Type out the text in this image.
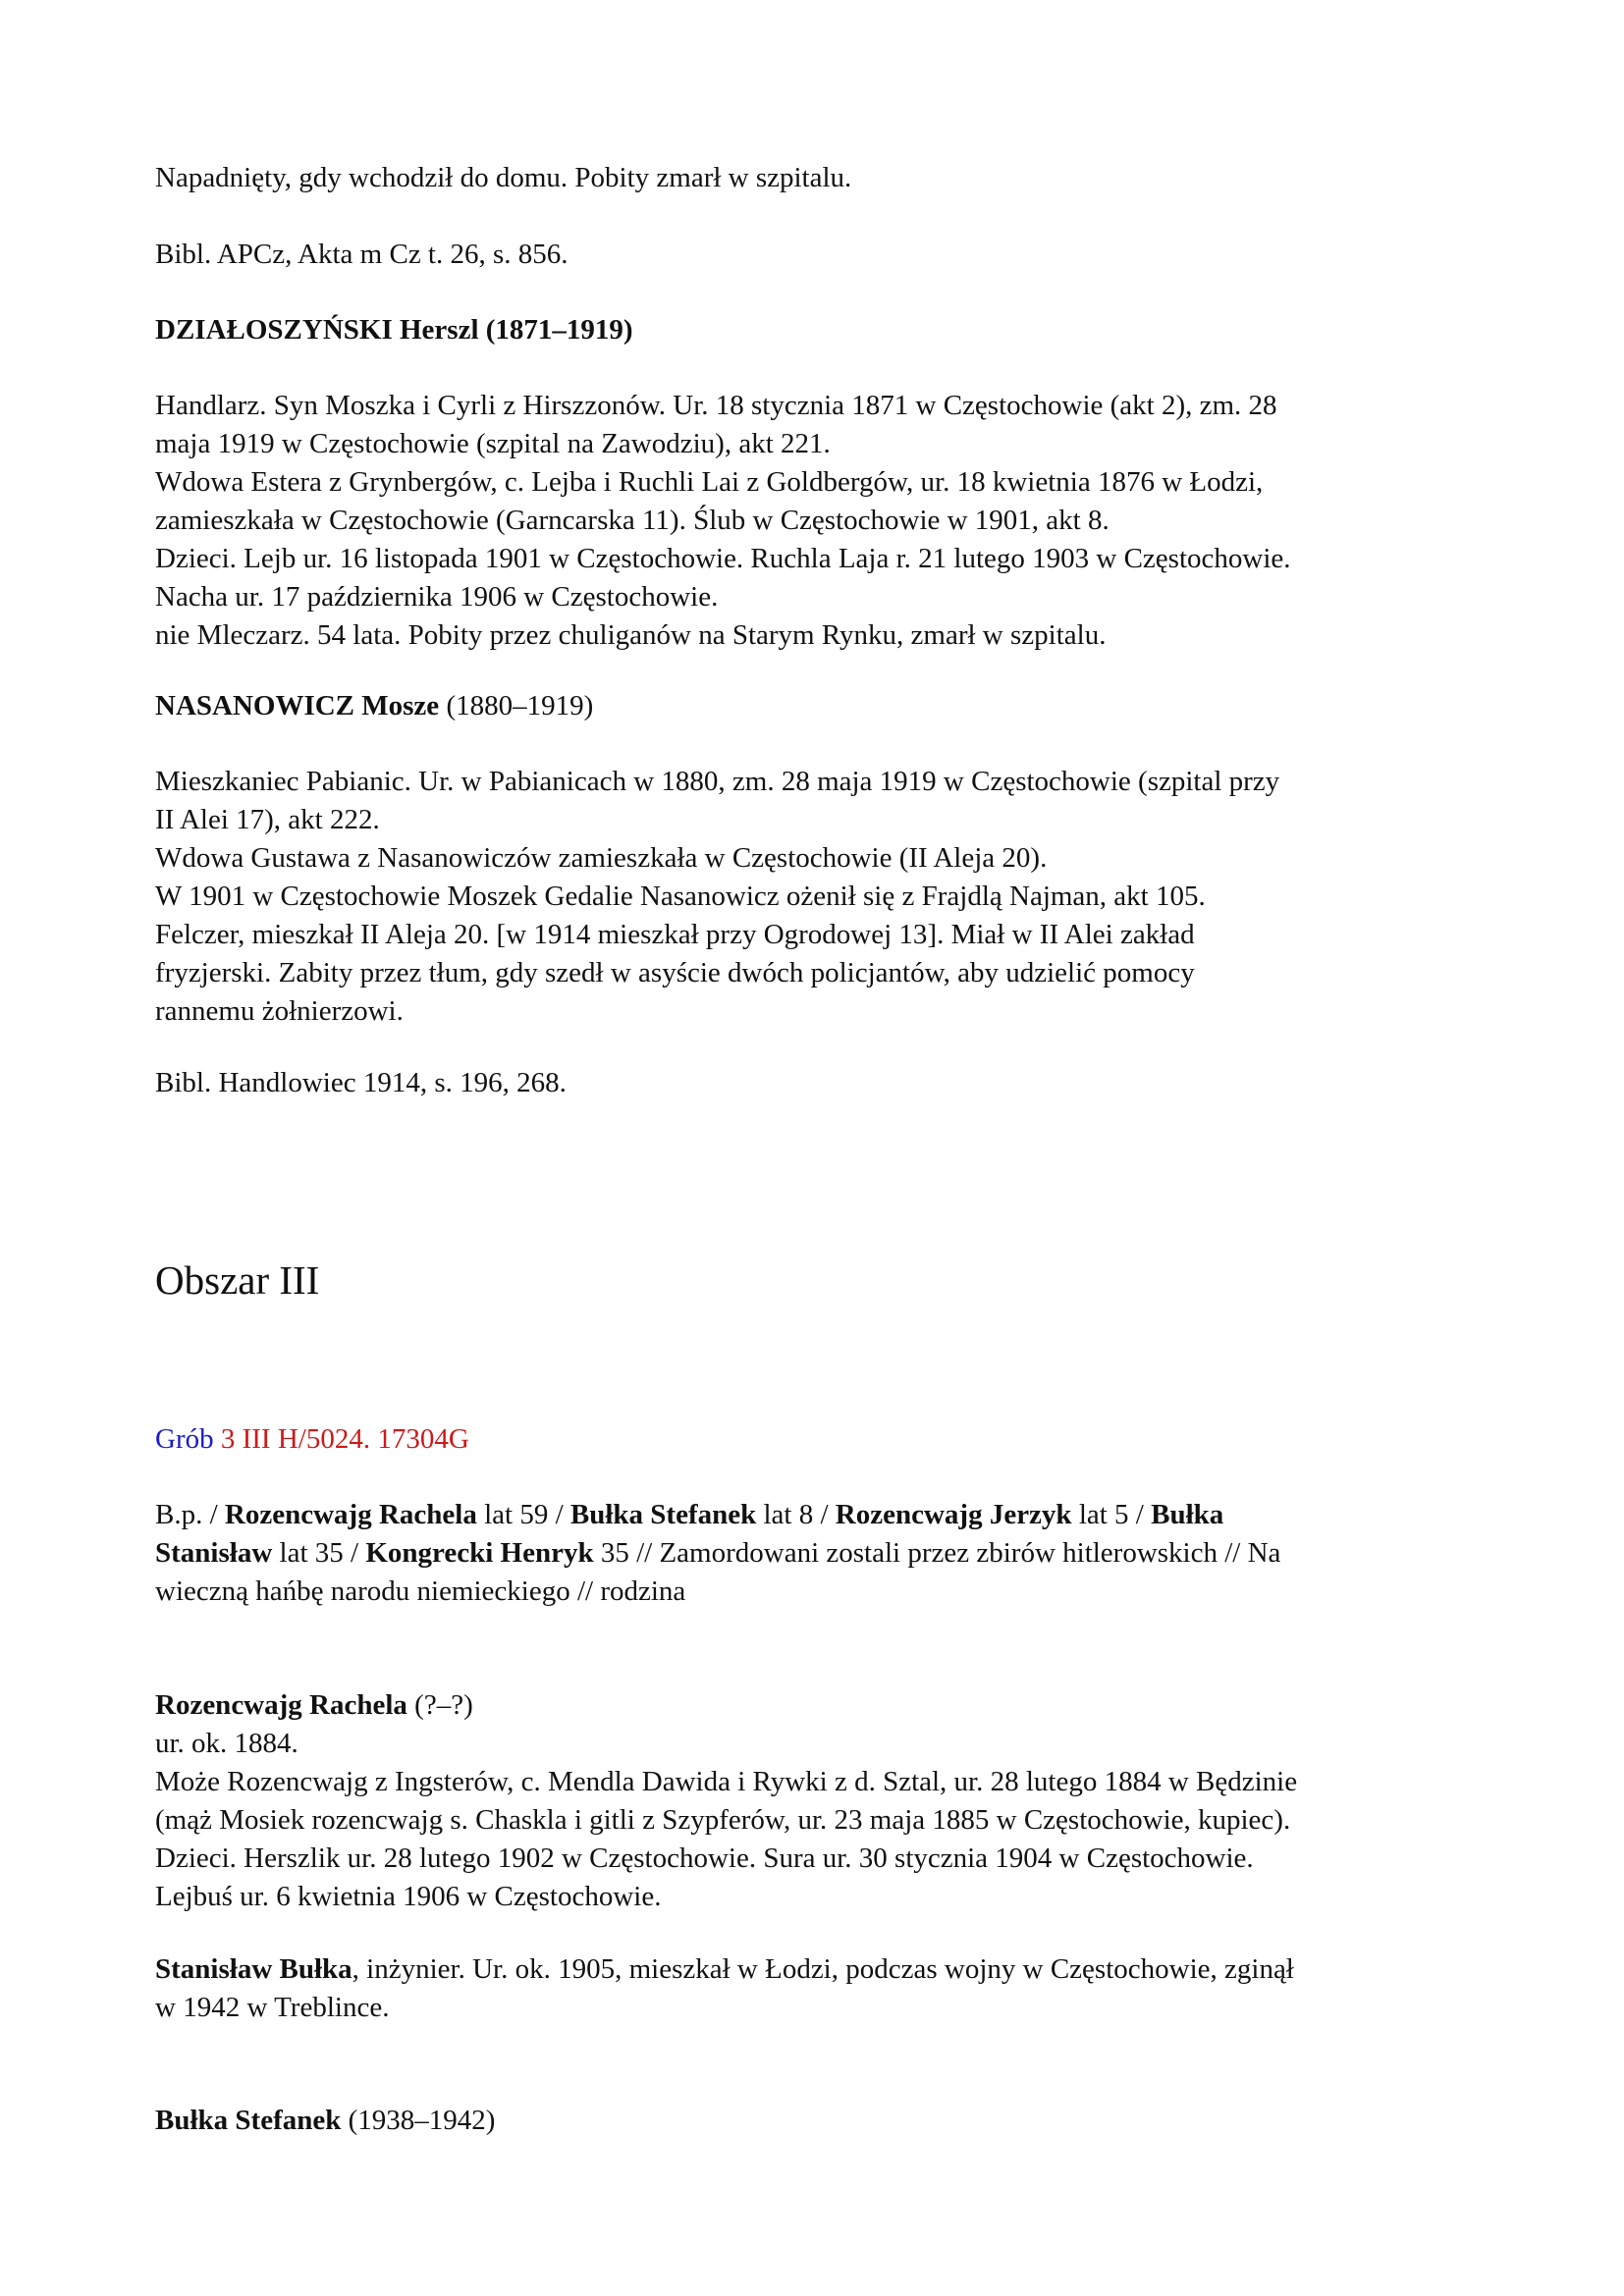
Napadnięty, gdy wchodził do domu. Pobity zmarł w szpitalu.

Bibl. APCz, Akta m Cz t. 26, s. 856.

DZIAŁOSZYŃSKI Herszl (1871–1919)

Handlarz. Syn Moszka i Cyrli z Hirszzonów. Ur. 18 stycznia 1871 w Częstochowie (akt 2), zm. 28

maja 1919 w Częstochowie (szpital na Zawodziu), akt 221.

Wdowa Estera z Grynbergów, c. Lejba i Ruchli Lai z Goldbergów, ur. 18 kwietnia 1876 w Łodzi,

zamieszkała w Częstochowie (Garncarska 11). Ślub w Częstochowie w 1901, akt 8.

Dzieci. Lejb ur. 16 listopada 1901 w Częstochowie. Ruchla Laja r. 21 lutego 1903 w Częstochowie.

Nacha ur. 17 października 1906 w Częstochowie.

nie Mleczarz. 54 lata. Pobity przez chuliganów na Starym Rynku, zmarł w szpitalu.

NASANOWICZ Mosze (1880–1919)

Mieszkaniec Pabianic. Ur. w Pabianicach w 1880, zm. 28 maja 1919 w Częstochowie (szpital przy

II Alei 17), akt 222.

Wdowa Gustawa z Nasanowiczów zamieszkała w Częstochowie (II Aleja 20).

W 1901 w Częstochowie Moszek Gedalie Nasanowicz ożenił się z Frajdlą Najman, akt 105.

Felczer, mieszkał II Aleja 20. [w 1914 mieszkał przy Ogrodowej 13]. Miał w II Alei zakład

fryzjerski. Zabity przez tłum, gdy szedł w asyście dwóch policjantów, aby udzielić pomocy

rannemu żołnierzowi.

Bibl. Handlowiec 1914, s. 196, 268.

Obszar III

Grób 3 III H/5024. 17304G

B.p. / Rozencwajg Rachela lat 59 / Bułka Stefanek lat 8 / Rozencwajg Jerzyk lat 5 / Bułka

Stanisław lat 35 / Kongrecki Henryk 35 // Zamordowani zostali przez zbirów hitlerowskich // Na

wieczną hańbę narodu niemieckiego // rodzina

Rozencwajg Rachela (?–?)

ur. ok. 1884.

Może Rozencwajg z Ingsterów, c. Mendla Dawida i Rywki z d. Sztal, ur. 28 lutego 1884 w Będzinie

(mąż Mosiek rozencwajg s. Chaskla i gitli z Szypferów, ur. 23 maja 1885 w Częstochowie, kupiec).

Dzieci. Herszlik ur. 28 lutego 1902 w Częstochowie. Sura ur. 30 stycznia 1904 w Częstochowie.

Lejbuś ur. 6 kwietnia 1906 w Częstochowie.

Stanisław Bułka, inżynier. Ur. ok. 1905, mieszkał w Łodzi, podczas wojny w Częstochowie, zginął

w 1942 w Treblince.

Bułka Stefanek (1938–1942)
